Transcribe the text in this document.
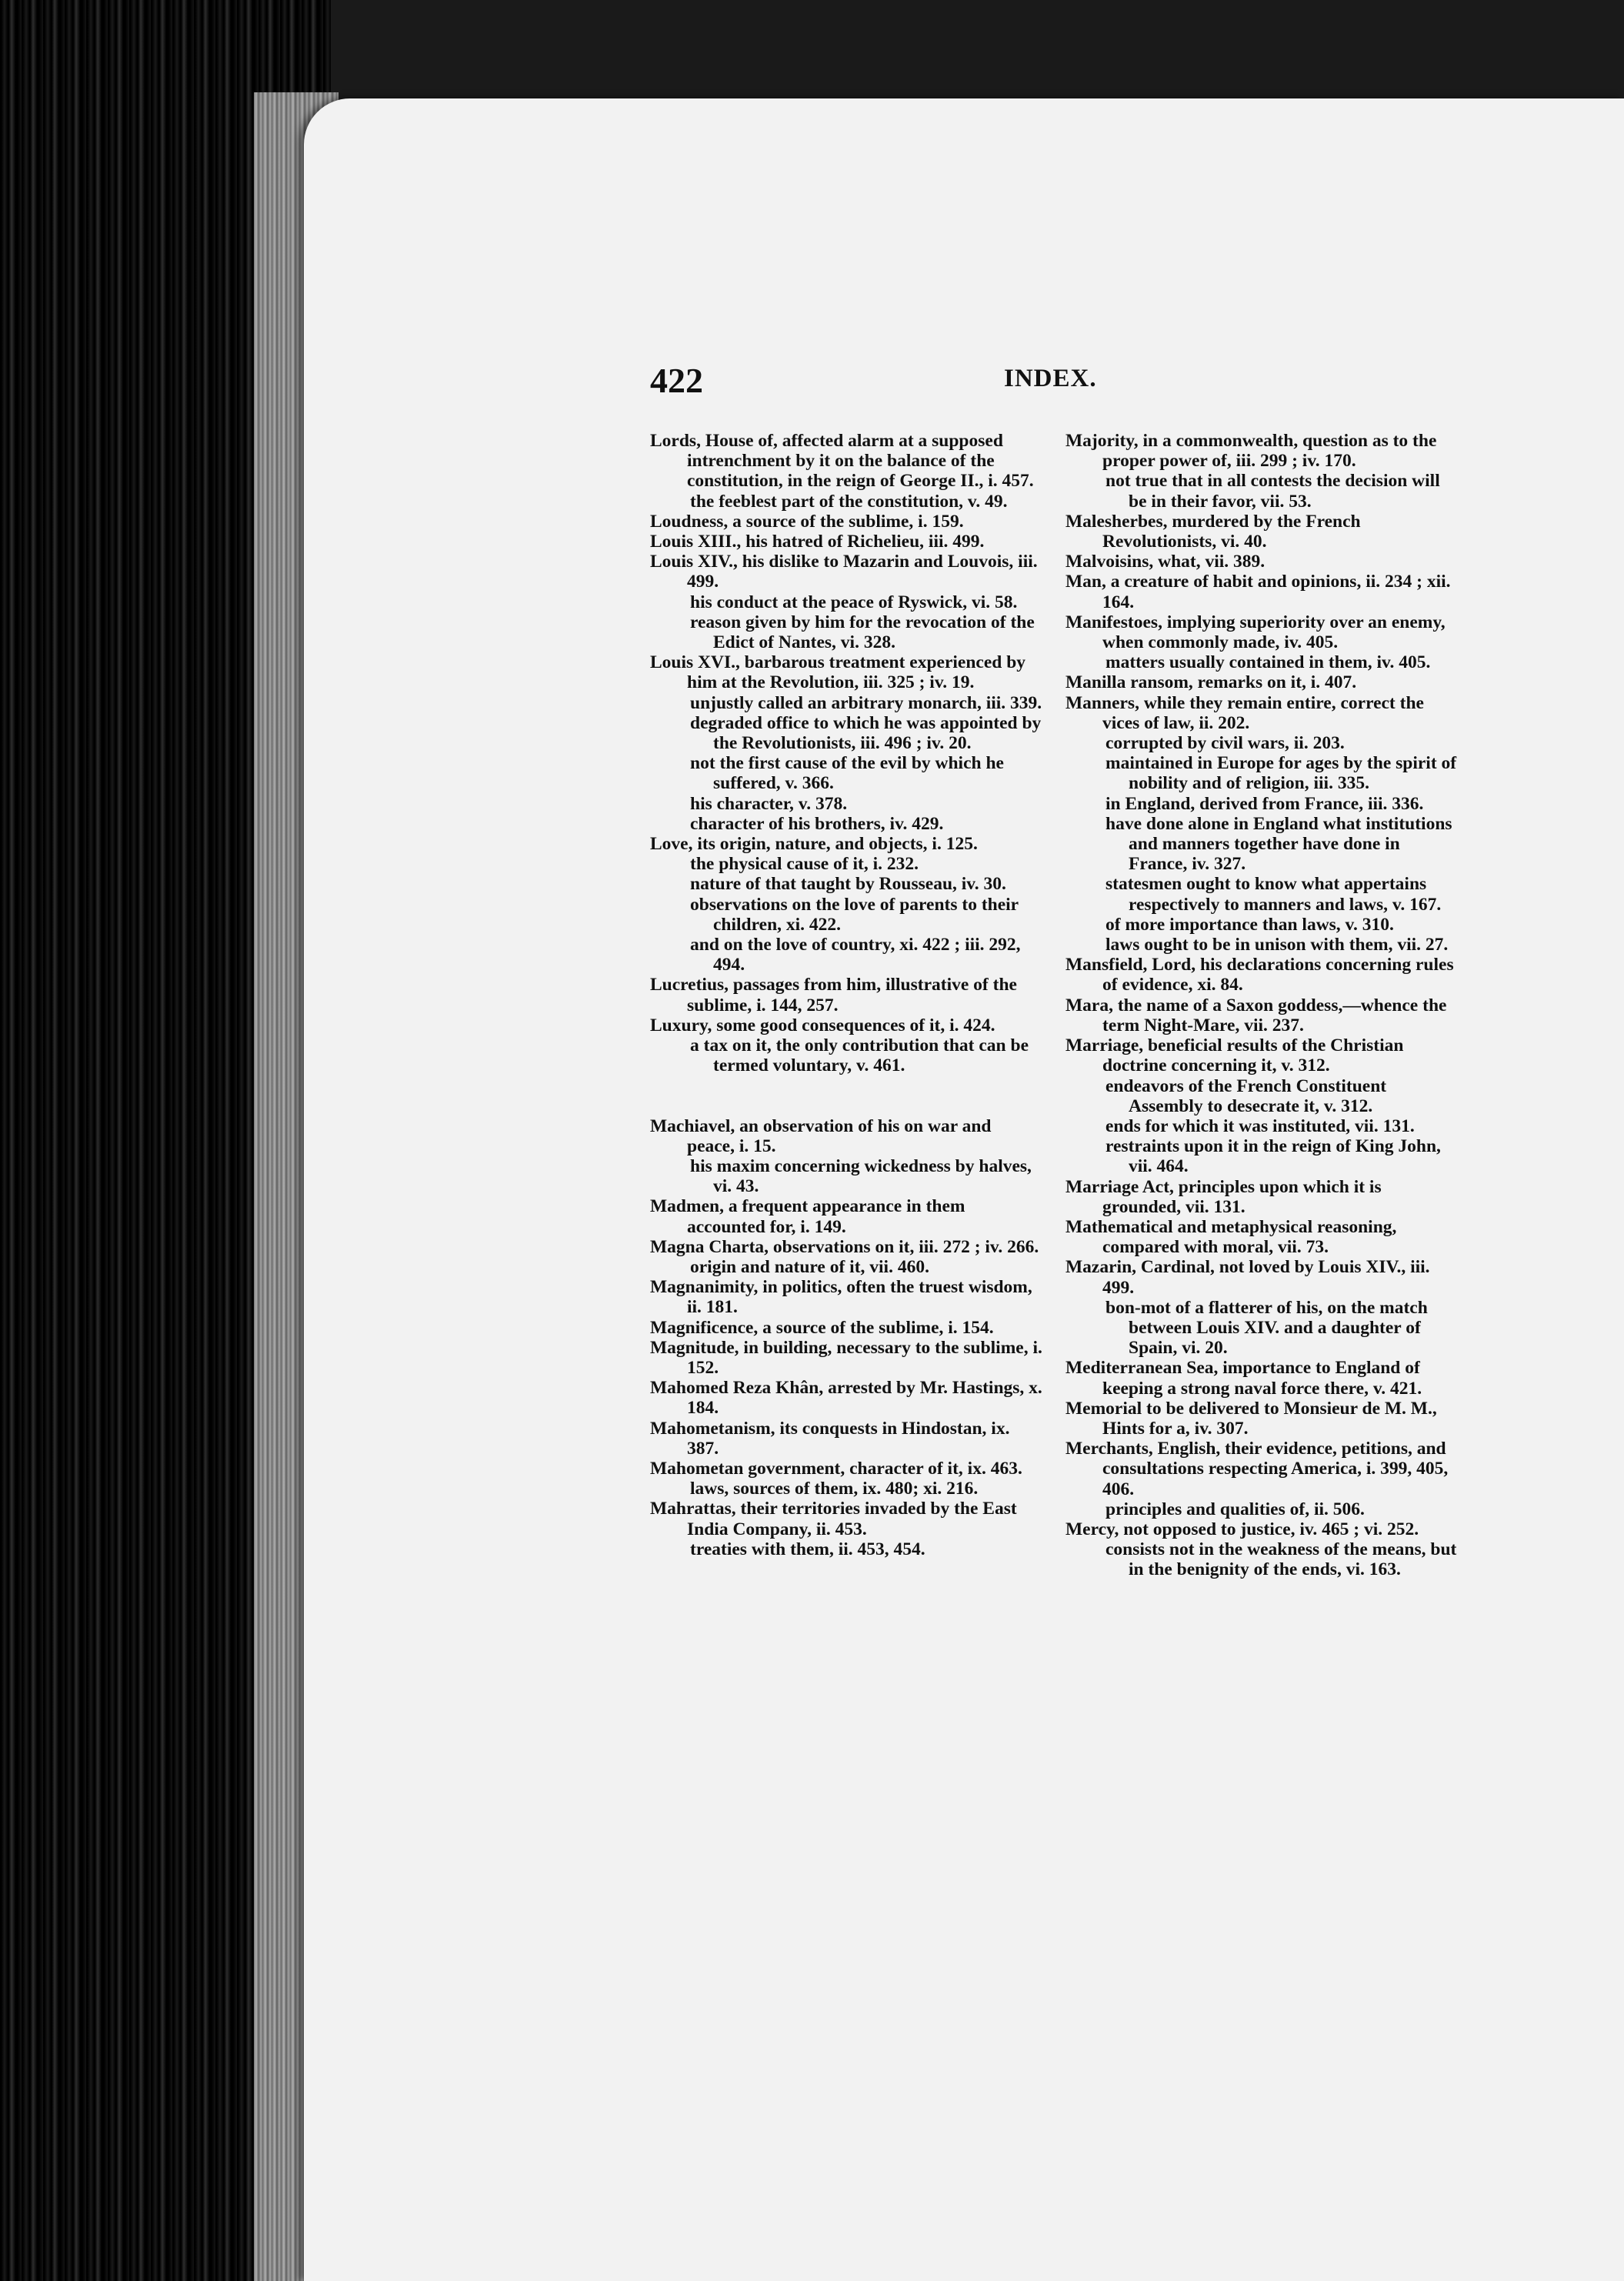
422	INDEX.

Lords, House of, affected alarm at a supposed intrenchment by it on the balance of the constitution, in the reign of George II., i. 457.

the feeblest part of the constitution, v. 49.

Loudness, a source of the sublime, i. 159.

Louis XIII., his hatred of Richelieu, iii. 499.

Louis XIV., his dislike to Mazarin and Louvois, iii. 499.

his conduct at the peace of Ryswick, vi. 58.

reason given by him for the revocation of the Edict of Nantes, vi. 328.

Louis XVI., barbarous treatment experienced by him at the Revolution, iii. 325 ; iv. 19.

unjustly called an arbitrary monarch, iii. 339.

degraded office to which he was appointed by the Revolutionists, iii. 496 ; iv. 20.

not the first cause of the evil by which he suffered, v. 366.

his character, v. 378.

character of his brothers, iv. 429.

Love, its origin, nature, and objects, i. 125.

the physical cause of it, i. 232.

nature of that taught by Rousseau, iv. 30.

observations on the love of parents to their children, xi. 422.

and on the love of country, xi. 422 ; iii. 292, 494.

Lucretius, passages from him, illustrative of the sublime, i. 144, 257.

Luxury, some good consequences of it, i. 424.

a tax on it, the only contribution that can be termed voluntary, v. 461.

Machiavel, an observation of his on war and peace, i. 15.

his maxim concerning wickedness by halves, vi. 43.

Madmen, a frequent appearance in them accounted for, i. 149.

Magna Charta, observations on it, iii. 272 ; iv. 266.

origin and nature of it, vii. 460.

Magnanimity, in politics, often the truest wisdom, ii. 181.

Magnificence, a source of the sublime, i. 154.

Magnitude, in building, necessary to the sublime, i. 152.

Mahomed Reza Khân, arrested by Mr. Hastings, x. 184.

Mahometanism, its conquests in Hindostan, ix. 387.

Mahometan government, character of it, ix. 463.

laws, sources of them, ix. 480; xi. 216.

Mahrattas, their territories invaded by the East India Company, ii. 453.

treaties with them, ii. 453, 454.

Majority, in a commonwealth, question as to the proper power of, iii. 299 ; iv. 170.

not true that in all contests the decision will be in their favor, vii. 53.

Malesherbes, murdered by the French Revolutionists, vi. 40.

Malvoisins, what, vii. 389.

Man, a creature of habit and opinions, ii. 234 ; xii. 164.

Manifestoes, implying superiority over an enemy, when commonly made, iv. 405.

matters usually contained in them, iv. 405.

Manilla ransom, remarks on it, i. 407.

Manners, while they remain entire, correct the vices of law, ii. 202.

corrupted by civil wars, ii. 203.

maintained in Europe for ages by the spirit of nobility and of religion, iii. 335.

in England, derived from France, iii. 336.

have done alone in England what institutions and manners together have done in France, iv. 327.

statesmen ought to know what appertains respectively to manners and laws, v. 167.

of more importance than laws, v. 310.

laws ought to be in unison with them, vii. 27.

Mansfield, Lord, his declarations concerning rules of evidence, xi. 84.

Mara, the name of a Saxon goddess,—whence the term Night-Mare, vii. 237.

Marriage, beneficial results of the Christian doctrine concerning it, v. 312.

endeavors of the French Constituent Assembly to desecrate it, v. 312.

ends for which it was instituted, vii. 131.

restraints upon it in the reign of King John, vii. 464.

Marriage Act, principles upon which it is grounded, vii. 131.

Mathematical and metaphysical reasoning, compared with moral, vii. 73.

Mazarin, Cardinal, not loved by Louis XIV., iii. 499.

bon-mot of a flatterer of his, on the match between Louis XIV. and a daughter of Spain, vi. 20.

Mediterranean Sea, importance to England of keeping a strong naval force there, v. 421.

Memorial to be delivered to Monsieur de M. M., Hints for a, iv. 307.

Merchants, English, their evidence, petitions, and consultations respecting America, i. 399, 405, 406.

principles and qualities of, ii. 506.

Mercy, not opposed to justice, iv. 465 ; vi. 252.

consists not in the weakness of the means, but in the benignity of the ends, vi. 163.
